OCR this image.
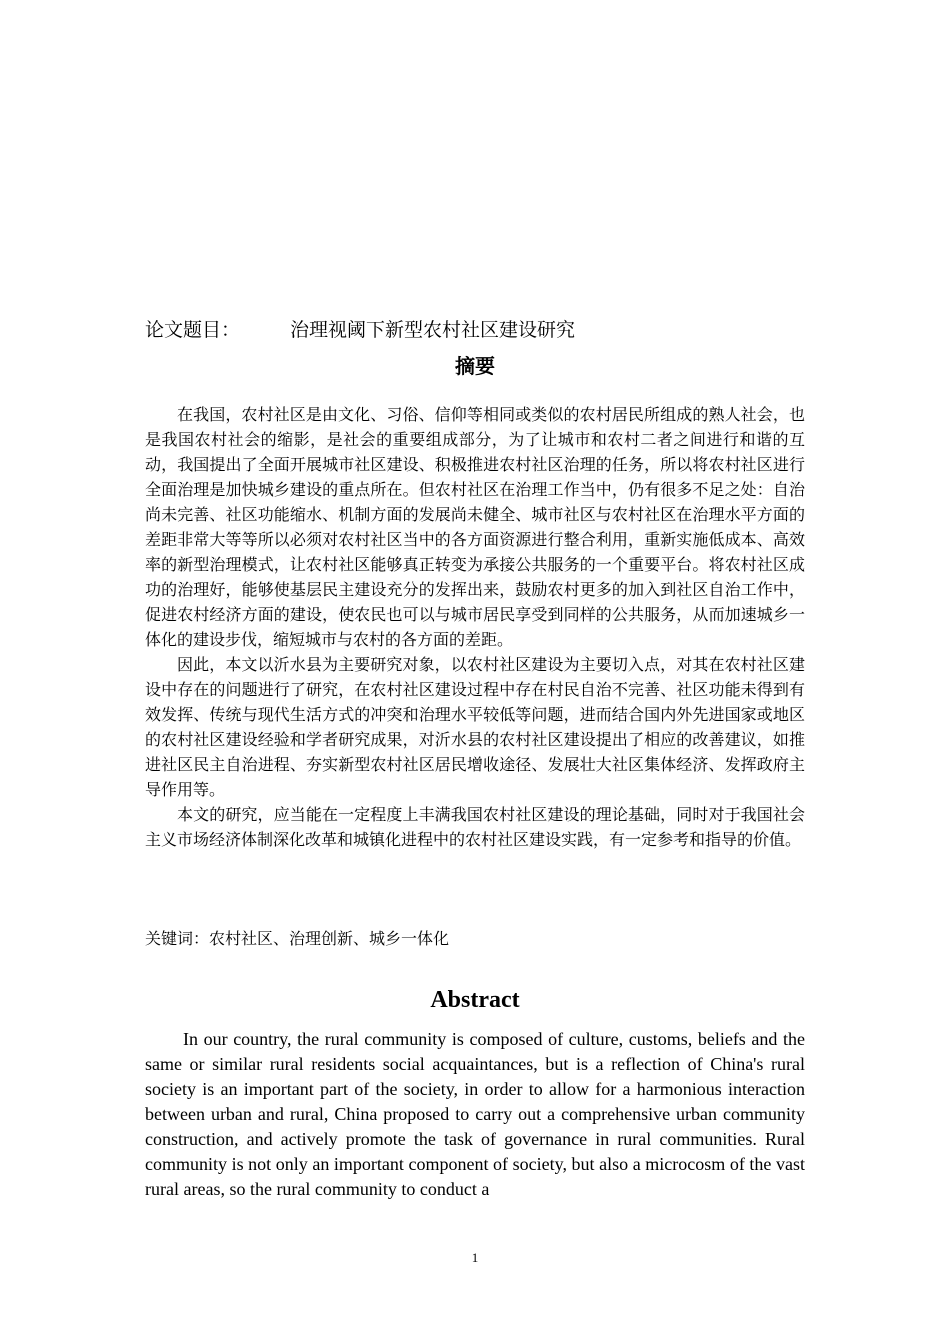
论文题目：	治理视阈下新型农村社区建设研究
摘要

在我国，农村社区是由文化、习俗、信仰等相同或类似的农村居民所组成的熟人社会，也是我国农村社会的缩影，是社会的重要组成部分，为了让城市和农村二者之间进行和谐的互动，我国提出了全面开展城市社区建设、积极推进农村社区治理的任务，所以将农村社区进行全面治理是加快城乡建设的重点所在。但农村社区在治理工作当中，仍有很多不足之处：自治尚未完善、社区功能缩水、机制方面的发展尚未健全、城市社区与农村社区在治理水平方面的差距非常大等等所以必须对农村社区当中的各方面资源进行整合利用，重新实施低成本、高效率的新型治理模式，让农村社区能够真正转变为承接公共服务的一个重要平台。将农村社区成功的治理好，能够使基层民主建设充分的发挥出来，鼓励农村更多的加入到社区自治工作中，促进农村经济方面的建设，使农民也可以与城市居民享受到同样的公共服务，从而加速城乡一体化的建设步伐，缩短城市与农村的各方面的差距。

因此，本文以沂水县为主要研究对象，以农村社区建设为主要切入点，对其在农村社区建设中存在的问题进行了研究，在农村社区建设过程中存在村民自治不完善、社区功能未得到有效发挥、传统与现代生活方式的冲突和治理水平较低等问题，进而结合国内外先进国家或地区的农村社区建设经验和学者研究成果，对沂水县的农村社区建设提出了相应的改善建议，如推进社区民主自治进程、夯实新型农村社区居民增收途径、发展壮大社区集体经济、发挥政府主导作用等。

本文的研究，应当能在一定程度上丰满我国农村社区建设的理论基础，同时对于我国社会主义市场经济体制深化改革和城镇化进程中的农村社区建设实践，有一定参考和指导的价值。

关键词：农村社区、治理创新、城乡一体化
Abstract

In our country, the rural community is composed of culture, customs, beliefs and the same or similar rural residents social acquaintances, but is a reflection of China's rural society is an important part of the society, in order to allow for a harmonious interaction between urban and rural, China proposed to carry out a comprehensive urban community construction, and actively promote the task of governance in rural communities. Rural community is not only an important component of society, but also a microcosm of the vast rural areas, so the rural community to conduct a

1
